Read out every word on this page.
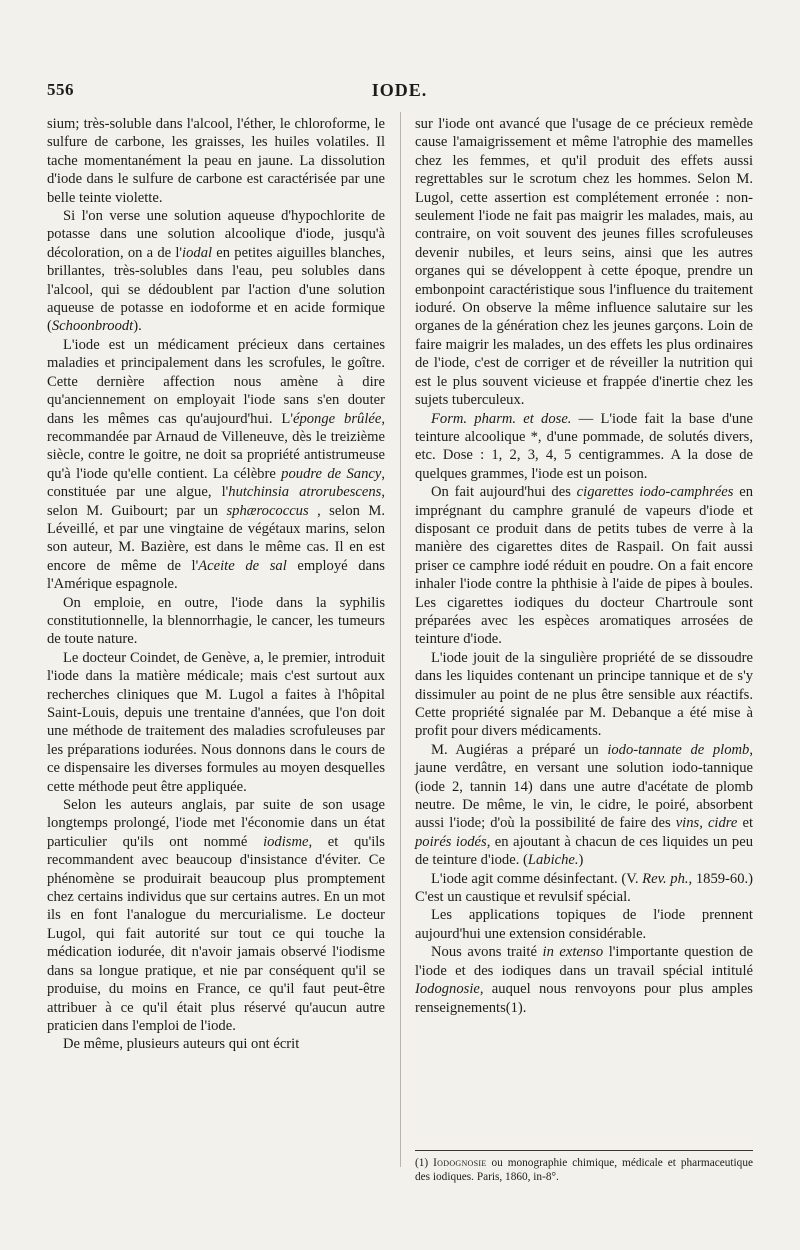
556	IODE.

sium; très-soluble dans l'alcool, l'éther, le chloroforme, le sulfure de carbone, les graisses, les huiles volatiles. Il tache momentanément la peau en jaune. La dissolution d'iode dans le sulfure de carbone est caractérisée par une belle teinte violette.

Si l'on verse une solution aqueuse d'hypochlorite de potasse dans une solution alcoolique d'iode, jusqu'à décoloration, on a de l'iodal en petites aiguilles blanches, brillantes, très-solubles dans l'eau, peu solubles dans l'alcool, qui se dédoublent par l'action d'une solution aqueuse de potasse en iodoforme et en acide formique (Schoonbroodt).

L'iode est un médicament précieux dans certaines maladies et principalement dans les scrofules, le goître. Cette dernière affection nous amène à dire qu'anciennement on employait l'iode sans s'en douter dans les mêmes cas qu'aujourd'hui. L'éponge brûlée, recommandée par Arnaud de Villeneuve, dès le treizième siècle, contre le goitre, ne doit sa propriété antistrumeuse qu'à l'iode qu'elle contient. La célèbre poudre de Sancy, constituée par une algue, l'hutchinsia atrorubescens, selon M. Guibourt; par un sphærococcus , selon M. Léveillé, et par une vingtaine de végétaux marins, selon son auteur, M. Bazière, est dans le même cas. Il en est encore de même de l'Aceite de sal employé dans l'Amérique espagnole.

On emploie, en outre, l'iode dans la syphilis constitutionnelle, la blennorrhagie, le cancer, les tumeurs de toute nature.

Le docteur Coindet, de Genève, a, le premier, introduit l'iode dans la matière médicale; mais c'est surtout aux recherches cliniques que M. Lugol a faites à l'hôpital Saint-Louis, depuis une trentaine d'années, que l'on doit une méthode de traitement des maladies scrofuleuses par les préparations iodurées. Nous donnons dans le cours de ce dispensaire les diverses formules au moyen desquelles cette méthode peut être appliquée.

Selon les auteurs anglais, par suite de son usage longtemps prolongé, l'iode met l'économie dans un état particulier qu'ils ont nommé iodisme, et qu'ils recommandent avec beaucoup d'insistance d'éviter. Ce phénomène se produirait beaucoup plus promptement chez certains individus que sur certains autres. En un mot ils en font l'analogue du mercurialisme. Le docteur Lugol, qui fait autorité sur tout ce qui touche la médication iodurée, dit n'avoir jamais observé l'iodisme dans sa longue pratique, et nie par conséquent qu'il se produise, du moins en France, ce qu'il faut peut-être attribuer à ce qu'il était plus réservé qu'aucun autre praticien dans l'emploi de l'iode.

De même, plusieurs auteurs qui ont écrit

sur l'iode ont avancé que l'usage de ce précieux remède cause l'amaigrissement et même l'atrophie des mamelles chez les femmes, et qu'il produit des effets aussi regrettables sur le scrotum chez les hommes. Selon M. Lugol, cette assertion est complétement erronée : non-seulement l'iode ne fait pas maigrir les malades, mais, au contraire, on voit souvent des jeunes filles scrofuleuses devenir nubiles, et leurs seins, ainsi que les autres organes qui se développent à cette époque, prendre un embonpoint caractéristique sous l'influence du traitement ioduré. On observe la même influence salutaire sur les organes de la génération chez les jeunes garçons. Loin de faire maigrir les malades, un des effets les plus ordinaires de l'iode, c'est de corriger et de réveiller la nutrition qui est le plus souvent vicieuse et frappée d'inertie chez les sujets tuberculeux.

Form. pharm. et dose. — L'iode fait la base d'une teinture alcoolique *, d'une pommade, de solutés divers, etc. Dose : 1, 2, 3, 4, 5 centigrammes. A la dose de quelques grammes, l'iode est un poison.

On fait aujourd'hui des cigarettes iodo-camphrées en imprégnant du camphre granulé de vapeurs d'iode et disposant ce produit dans de petits tubes de verre à la manière des cigarettes dites de Raspail. On fait aussi priser ce camphre iodé réduit en poudre. On a fait encore inhaler l'iode contre la phthisie à l'aide de pipes à boules. Les cigarettes iodiques du docteur Chartroule sont préparées avec les espèces aromatiques arrosées de teinture d'iode.

L'iode jouit de la singulière propriété de se dissoudre dans les liquides contenant un principe tannique et de s'y dissimuler au point de ne plus être sensible aux réactifs. Cette propriété signalée par M. Debanque a été mise à profit pour divers médicaments.

M. Augiéras a préparé un iodo-tannate de plomb, jaune verdâtre, en versant une solution iodo-tannique (iode 2, tannin 14) dans une autre d'acétate de plomb neutre. De même, le vin, le cidre, le poiré, absorbent aussi l'iode; d'où la possibilité de faire des vins, cidre et poirés iodés, en ajoutant à chacun de ces liquides un peu de teinture d'iode. (Labiche.)

L'iode agit comme désinfectant. (V. Rev. ph., 1859-60.) C'est un caustique et revulsif spécial.

Les applications topiques de l'iode prennent aujourd'hui une extension considérable.

Nous avons traité in extenso l'importante question de l'iode et des iodiques dans un travail spécial intitulé Iodognosie, auquel nous renvoyons pour plus amples renseignements(1).

(1) Iodognosie ou monographie chimique, médicale et pharmaceutique des iodiques. Paris, 1860, in-8°.
